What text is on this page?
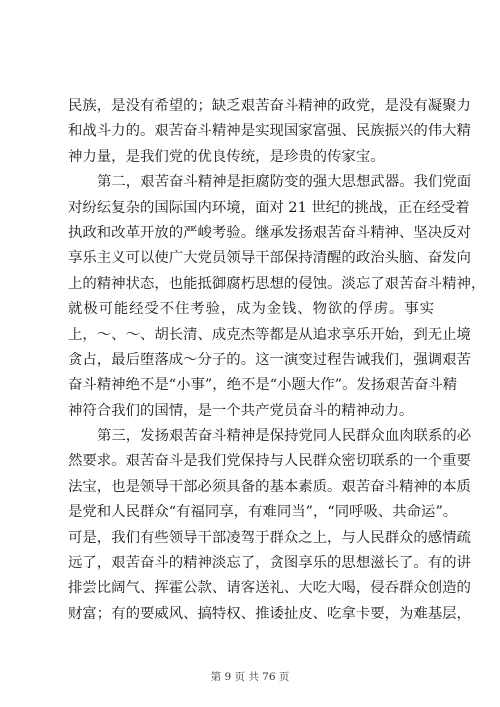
民族，是没有希望的；缺乏艰苦奋斗精神的政党，是没有凝聚力
和战斗力的。艰苦奋斗精神是实现国家富强、民族振兴的伟大精
神力量，是我们党的优良传统，是珍贵的传家宝。
第二，艰苦奋斗精神是拒腐防变的强大思想武器。我们党面
对纷纭复杂的国际国内环境，面对 21 世纪的挑战，正在经受着
执政和改革开放的严峻考验。继承发扬艰苦奋斗精神、坚决反对
享乐主义可以使广大党员领导干部保持清醒的政治头脑、奋发向
上的精神状态，也能抵御腐朽思想的侵蚀。淡忘了艰苦奋斗精神，
就极可能经受不住考验，成为金钱、物欲的俘虏。事实
上，～、～、胡长清、成克杰等都是从追求享乐开始，到无止境
贪占，最后堕落成～分子的。这一演变过程告诫我们，强调艰苦
奋斗精神绝不是“小事”，绝不是“小题大作”。发扬艰苦奋斗精
神符合我们的国情，是一个共产党员奋斗的精神动力。
第三，发扬艰苦奋斗精神是保持党同人民群众血肉联系的必
然要求。艰苦奋斗是我们党保持与人民群众密切联系的一个重要
法宝，也是领导干部必须具备的基本素质。艰苦奋斗精神的本质
是党和人民群众“有福同享，有难同当”，“同呼吸、共命运”。
可是，我们有些领导干部凌驾于群众之上，与人民群众的感情疏
远了，艰苦奋斗的精神淡忘了，贪图享乐的思想滋长了。有的讲
排尝比阔气、挥霍公款、请客送礼、大吃大喝，侵吞群众创造的
财富；有的要威风、搞特权、推诿扯皮、吃拿卡要，为难基层，
第 9 页 共 76 页
